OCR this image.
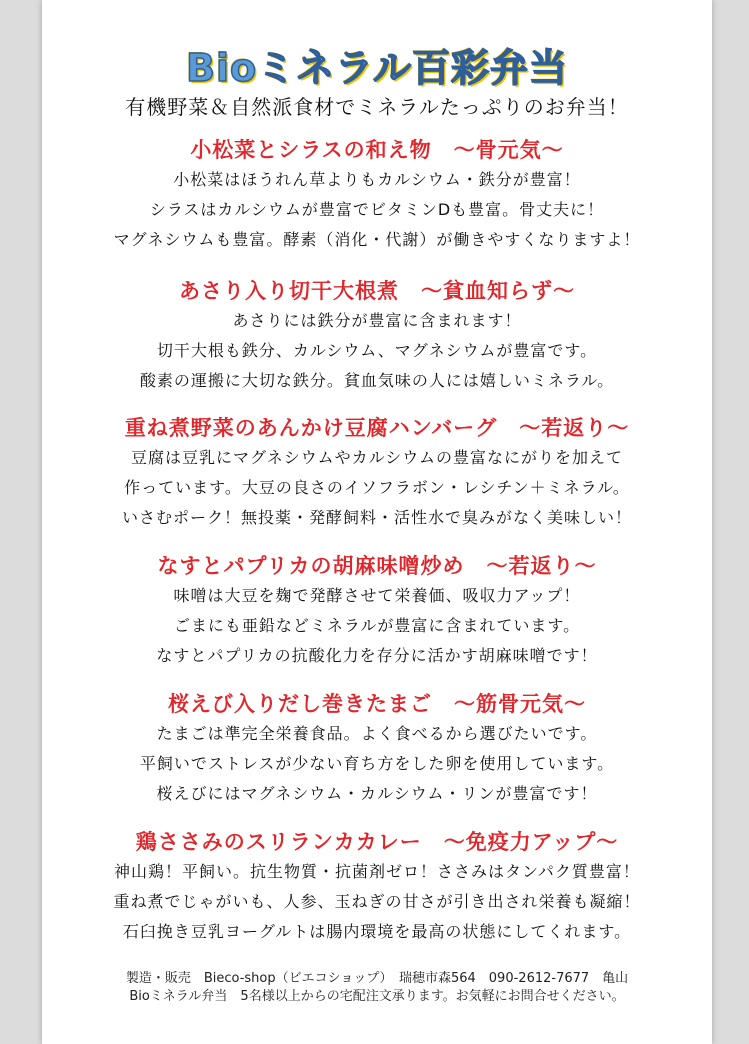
Bioミネラル百彩弁当
有機野菜＆自然派食材でミネラルたっぷりのお弁当！
小松菜とシラスの和え物　～骨元気～
小松菜はほうれん草よりもカルシウム・鉄分が豊富！
シラスはカルシウムが豊富でビタミンDも豊富。骨丈夫に！
マグネシウムも豊富。酵素（消化・代謝）が働きやすくなりますよ！
あさり入り切干大根煮　～貧血知らず～
あさりには鉄分が豊富に含まれます！
切干大根も鉄分、カルシウム、マグネシウムが豊富です。
酸素の運搬に大切な鉄分。貧血気味の人には嬉しいミネラル。
重ね煮野菜のあんかけ豆腐ハンバーグ　～若返り～
豆腐は豆乳にマグネシウムやカルシウムの豊富なにがりを加えて
作っています。大豆の良さのイソフラボン・レシチン＋ミネラル。
いさむポーク！無投薬・発酵飼料・活性水で臭みがなく美味しい！
なすとパプリカの胡麻味噌炒め　～若返り～
味噌は大豆を麹で発酵させて栄養価、吸収力アップ！
ごまにも亜鉛などミネラルが豊富に含まれています。
なすとパプリカの抗酸化力を存分に活かす胡麻味噌です！
桜えび入りだし巻きたまご　～筋骨元気～
たまごは準完全栄養食品。よく食べるから選びたいです。
平飼いでストレスが少ない育ち方をした卵を使用しています。
桜えびにはマグネシウム・カルシウム・リンが豊富です！
鶏ささみのスリランカカレー　～免疫力アップ～
神山鶏！平飼い。抗生物質・抗菌剤ゼロ！ささみはタンパク質豊富！
重ね煮でじゃがいも、人参、玉ねぎの甘さが引き出され栄養も凝縮！
石臼挽き豆乳ヨーグルトは腸内環境を最高の状態にしてくれます。
製造・販売　Bieco-shop（ビエコショップ）　瑞穂市森564　090-2612-7677　亀山
Bioミネラル弁当　5名様以上からの宅配注文承ります。お気軽にお問合せください。
